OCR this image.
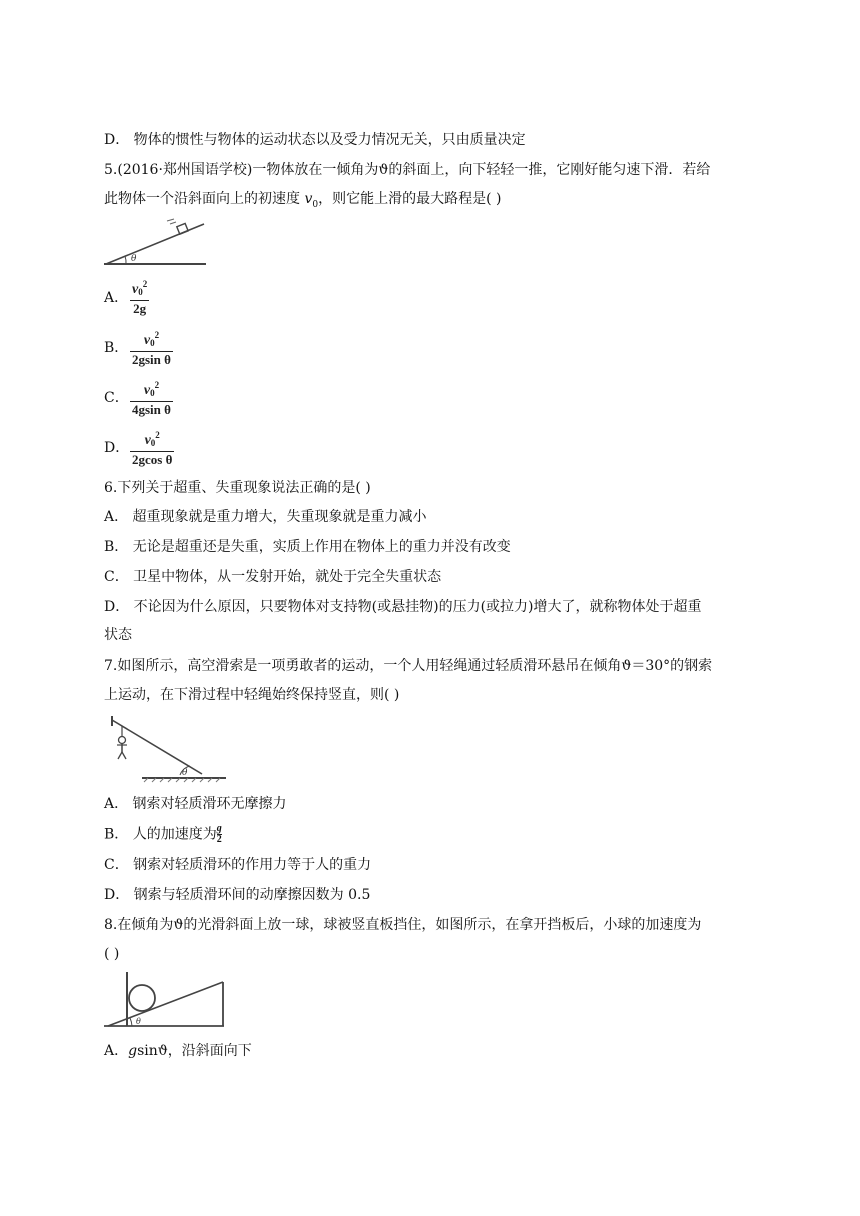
D． 物体的惯性与物体的运动状态以及受力情况无关，只由质量决定
5.(2016·郑州国语学校)一物体放在一倾角为ϑ的斜面上，向下轻轻一推，它刚好能匀速下滑．若给
此物体一个沿斜面向上的初速度 $v_0$，则它能上滑的最大路程是( )
θ
A． $\frac{v_0^2}{2g}$
B． $\frac{v_0^2}{\text{2gsin θ}}$
C． $\frac{v_0^2}{\text{4gsin θ}}$
D． $\frac{v_0^2}{\text{2gcos θ}}$
6.下列关于超重、失重现象说法正确的是( )
A． 超重现象就是重力增大，失重现象就是重力减小
B． 无论是超重还是失重，实质上作用在物体上的重力并没有改变
C． 卫星中物体，从一发射开始，就处于完全失重状态
D． 不论因为什么原因，只要物体对支持物(或悬挂物)的压力(或拉力)增大了，就称物体处于超重
状态
7.如图所示，高空滑索是一项勇敢者的运动，一个人用轻绳通过轻质滑环悬吊在倾角ϑ＝30°的钢索
上运动，在下滑过程中轻绳始终保持竖直，则( )
θ
A． 钢索对轻质滑环无摩擦力
B． 人的加速度为 $\frac{g}{2}$
C． 钢索对轻质滑环的作用力等于人的重力
D． 钢索与轻质滑环间的动摩擦因数为 0.5
8.在倾角为ϑ的光滑斜面上放一球，球被竖直板挡住，如图所示，在拿开挡板后，小球的加速度为
( )
θ
A．gsinϑ，沿斜面向下
